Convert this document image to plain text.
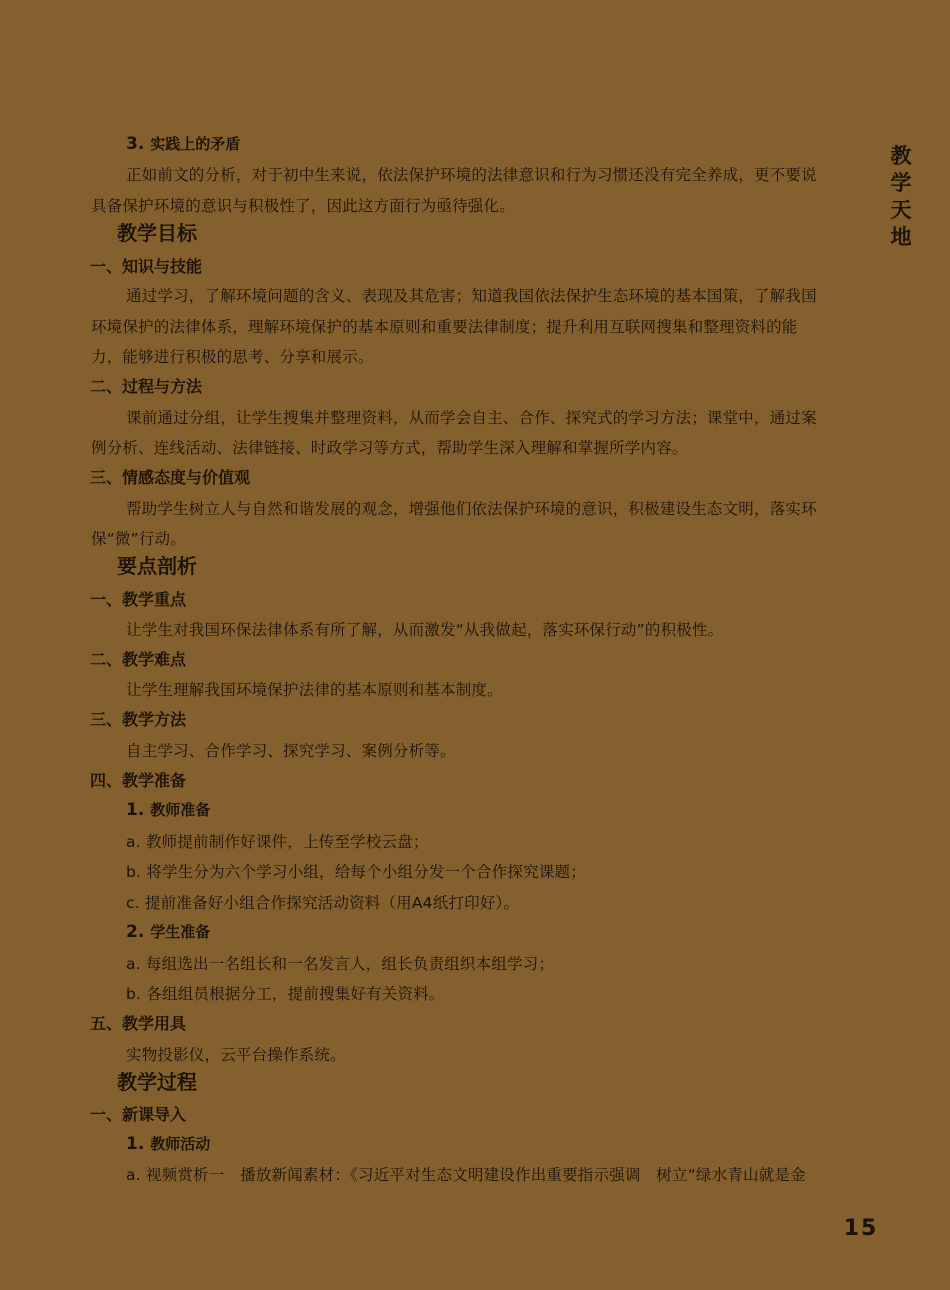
教
学
天
地
3. 实践上的矛盾
正如前文的分析，对于初中生来说，依法保护环境的法律意识和行为习惯还没有完全养成，更不要说
具备保护环境的意识与积极性了，因此这方面行为亟待强化。
教学目标
一、知识与技能
通过学习，了解环境问题的含义、表现及其危害；知道我国依法保护生态环境的基本国策，了解我国
环境保护的法律体系，理解环境保护的基本原则和重要法律制度；提升利用互联网搜集和整理资料的能
力，能够进行积极的思考、分享和展示。
二、过程与方法
课前通过分组，让学生搜集并整理资料，从而学会自主、合作、探究式的学习方法；课堂中，通过案
例分析、连线活动、法律链接、时政学习等方式，帮助学生深入理解和掌握所学内容。
三、情感态度与价值观
帮助学生树立人与自然和谐发展的观念，增强他们依法保护环境的意识，积极建设生态文明，落实环
保“微”行动。
要点剖析
一、教学重点
让学生对我国环保法律体系有所了解，从而激发“从我做起，落实环保行动”的积极性。
二、教学难点
让学生理解我国环境保护法律的基本原则和基本制度。
三、教学方法
自主学习、合作学习、探究学习、案例分析等。
四、教学准备
1. 教师准备
a. 教师提前制作好课件，上传至学校云盘；
b. 将学生分为六个学习小组，给每个小组分发一个合作探究课题；
c. 提前准备好小组合作探究活动资料（用A4纸打印好）。
2. 学生准备
a. 每组选出一名组长和一名发言人，组长负责组织本组学习；
b. 各组组员根据分工，提前搜集好有关资料。
五、教学用具
实物投影仪，云平台操作系统。
教学过程
一、新课导入
1. 教师活动
a. 视频赏析一　播放新闻素材：《习近平对生态文明建设作出重要指示强调　树立“绿水青山就是金
15
